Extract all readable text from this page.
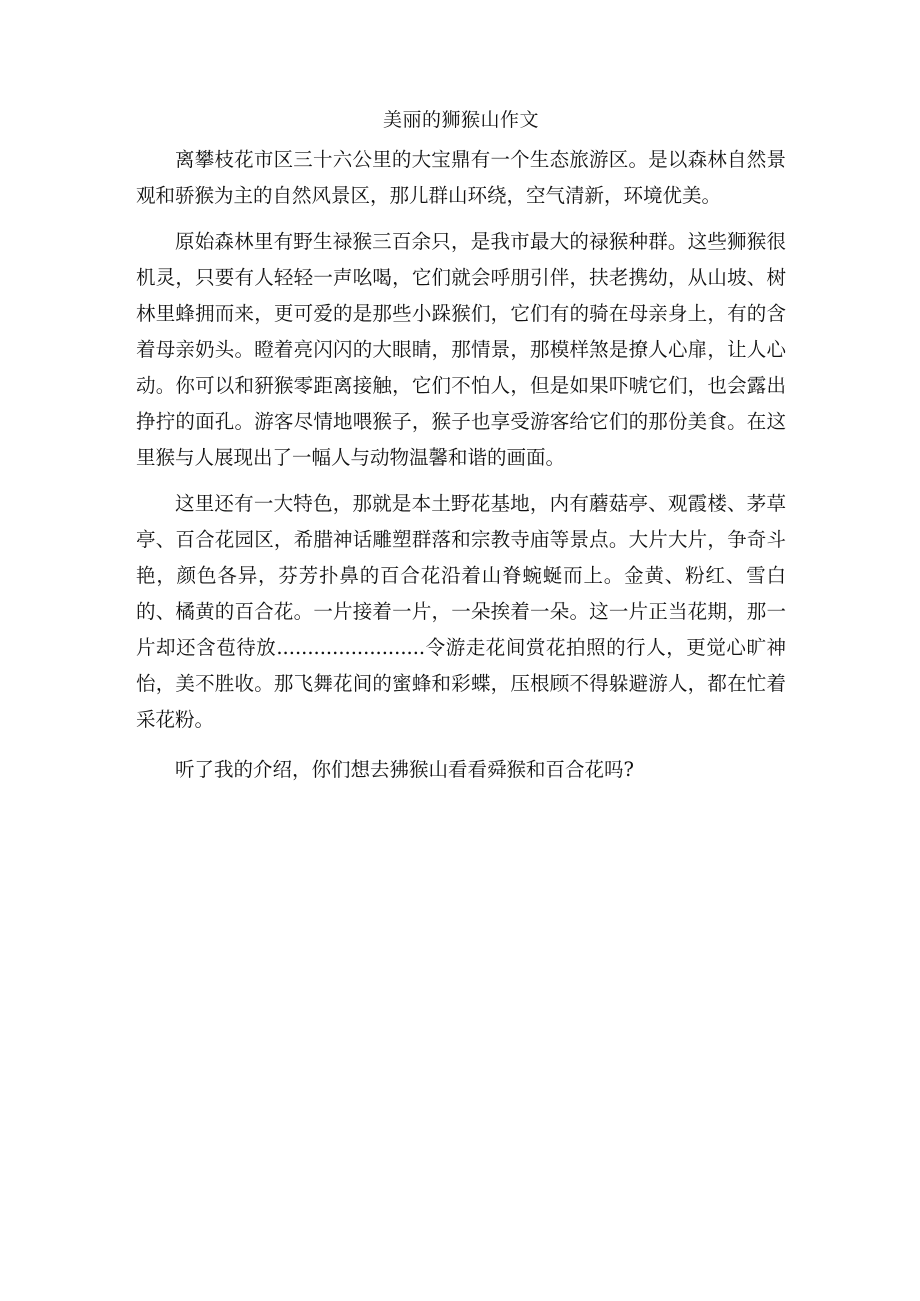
美丽的狮猴山作文

离攀枝花市区三十六公里的大宝鼎有一个生态旅游区。是以森林自然景观和骄猴为主的自然风景区，那儿群山环绕，空气清新，环境优美。

原始森林里有野生禄猴三百余只，是我市最大的禄猴种群。这些狮猴很机灵，只要有人轻轻一声吆喝，它们就会呼朋引伴，扶老携幼，从山坡、树林里蜂拥而来，更可爱的是那些小跺猴们，它们有的骑在母亲身上，有的含着母亲奶头。瞪着亮闪闪的大眼睛，那情景，那模样煞是撩人心扉，让人心动。你可以和豣猴零距离接触，它们不怕人，但是如果吓唬它们，也会露出挣拧的面孔。游客尽情地喂猴子，猴子也享受游客给它们的那份美食。在这里猴与人展现出了一幅人与动物温馨和谐的画面。

这里还有一大特色，那就是本土野花基地，内有蘑菇亭、观霞楼、茅草亭、百合花园区，希腊神话雕塑群落和宗教寺庙等景点。大片大片，争奇斗艳，颜色各异，芬芳扑鼻的百合花沿着山脊蜿蜒而上。金黄、粉红、雪白的、橘黄的百合花。一片接着一片，一朵挨着一朵。这一片正当花期，那一片却还含苞待放........................令游走花间赏花拍照的行人，更觉心旷神怡，美不胜收。那飞舞花间的蜜蜂和彩蝶，压根顾不得躲避游人，都在忙着采花粉。

听了我的介绍，你们想去狒猴山看看舜猴和百合花吗?
